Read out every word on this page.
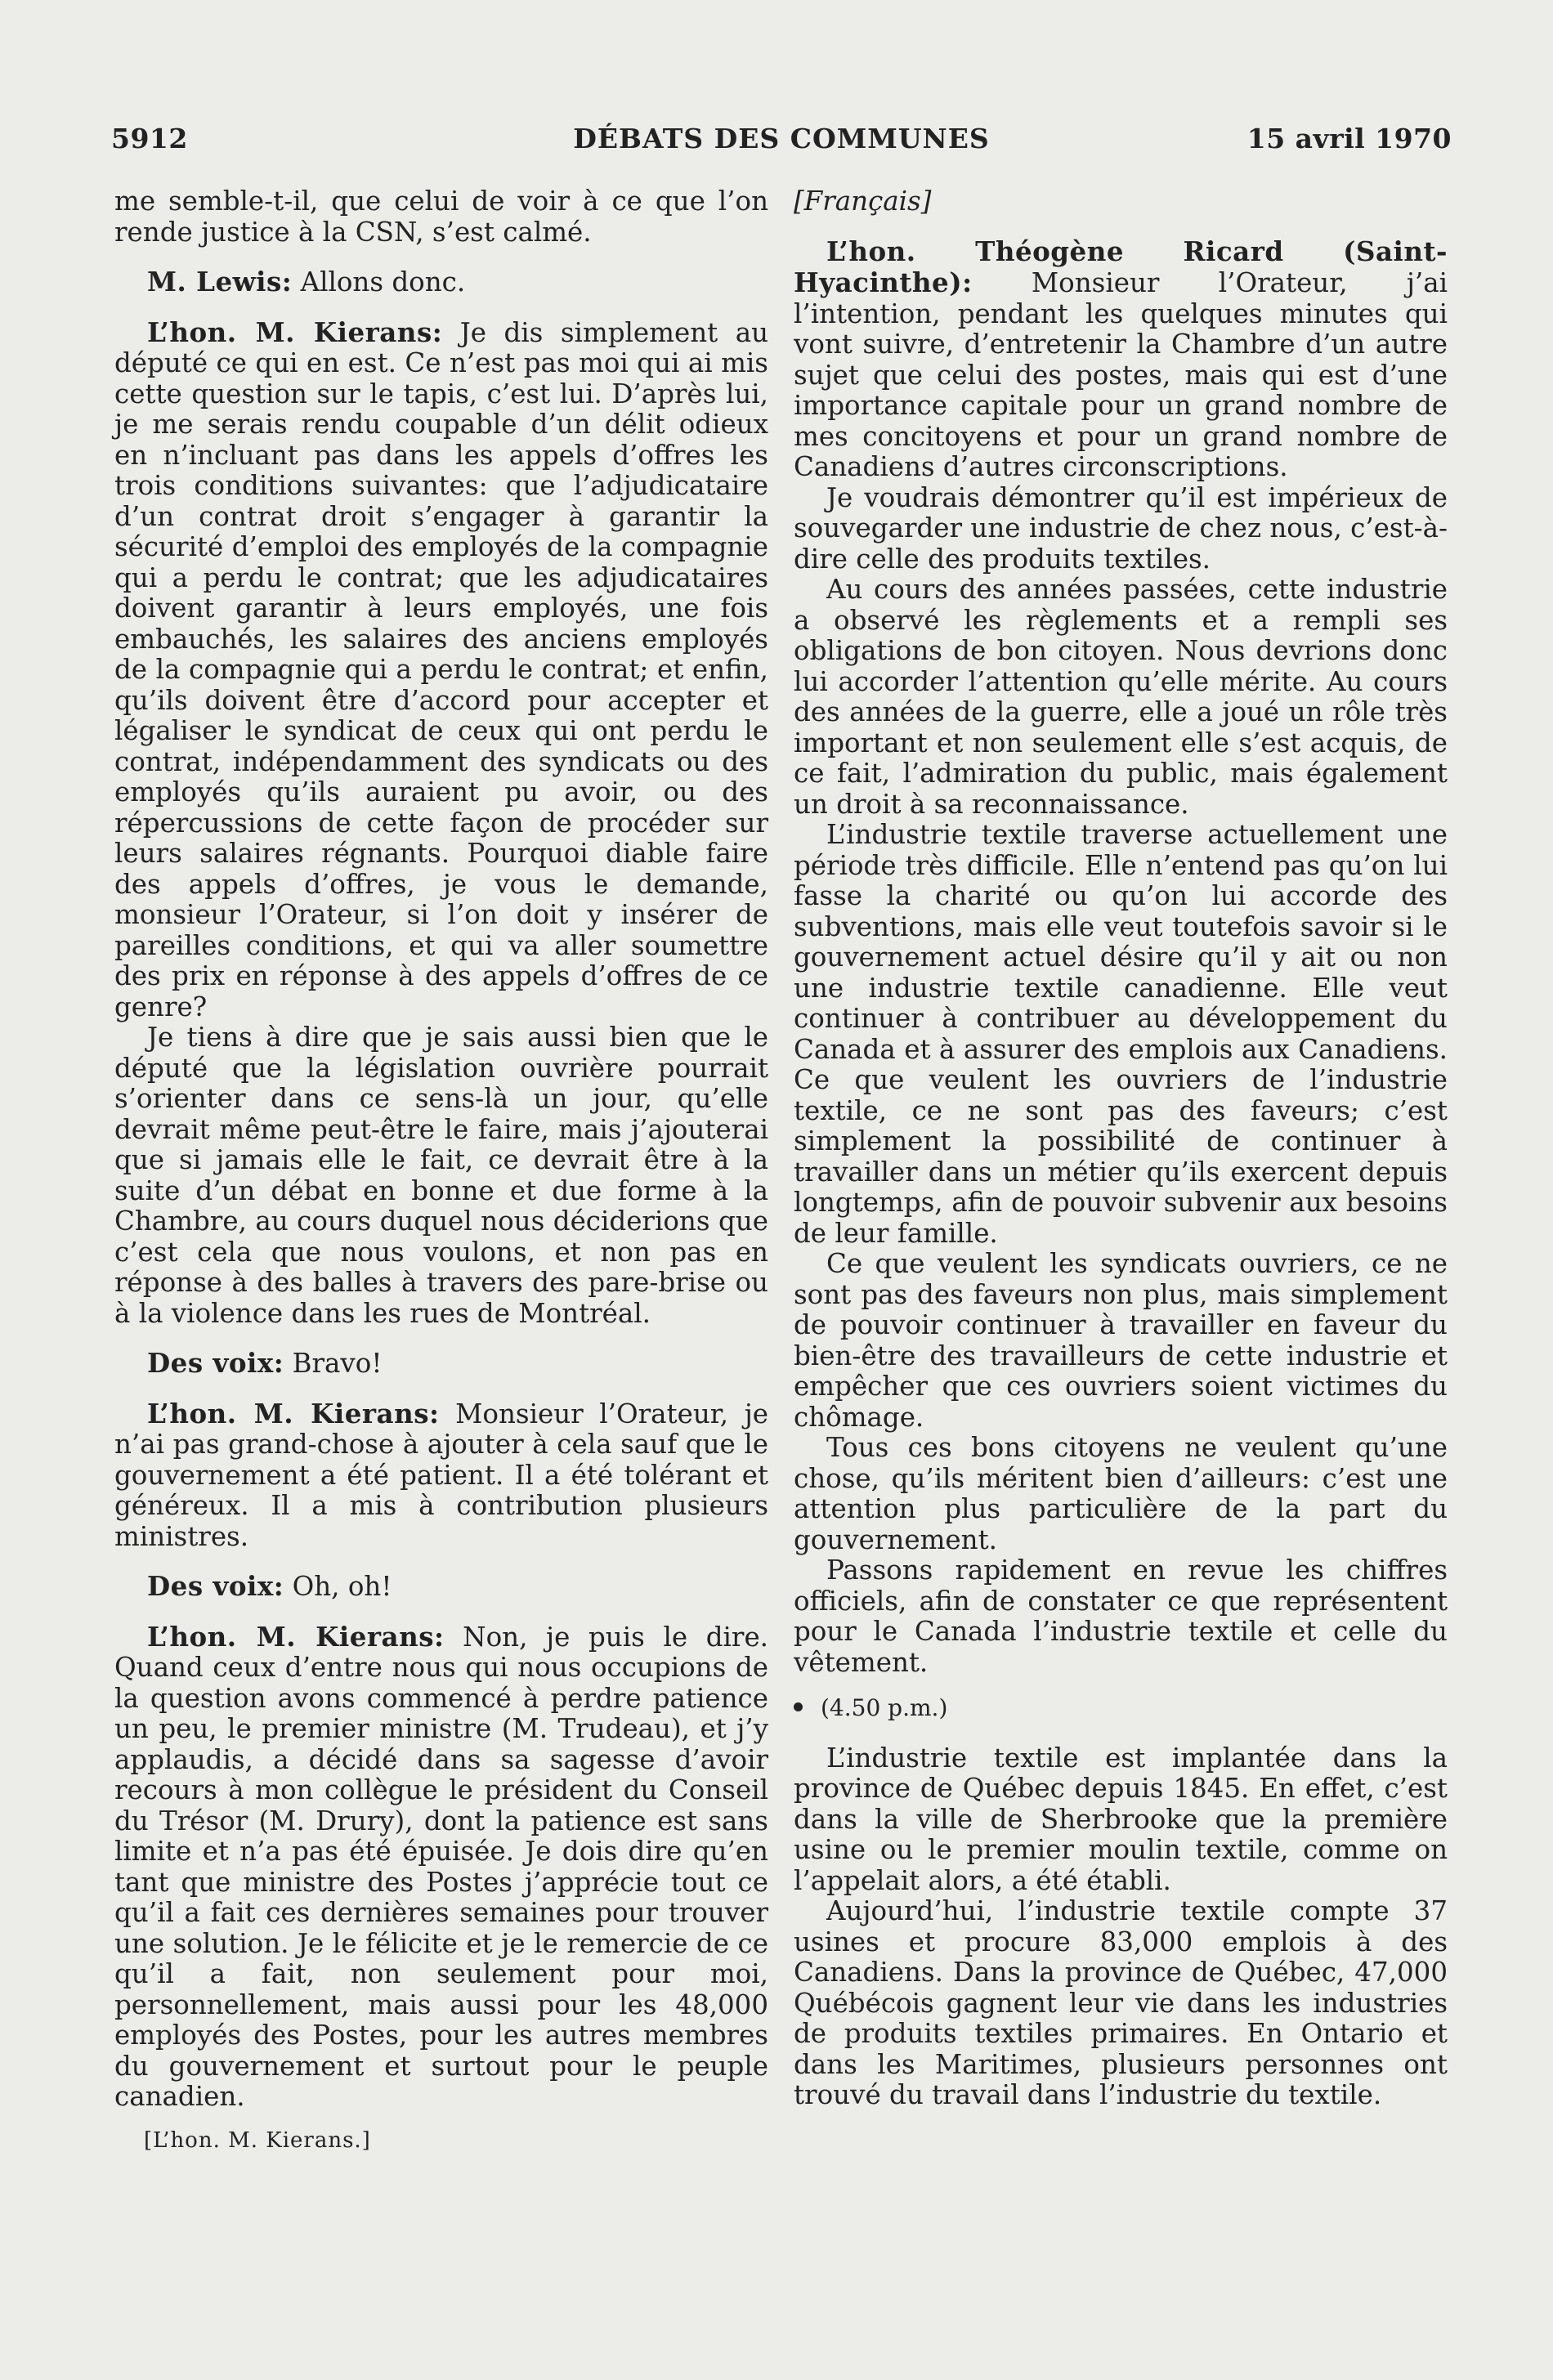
5912	DÉBATS DES COMMUNES	15 avril 1970

me semble-t-il, que celui de voir à ce que l’on rende justice à la CSN, s’est calmé.

M. Lewis: Allons donc.

L’hon. M. Kierans: Je dis simplement au député ce qui en est. Ce n’est pas moi qui ai mis cette question sur le tapis, c’est lui. D’après lui, je me serais rendu coupable d’un délit odieux en n’incluant pas dans les appels d’offres les trois conditions suivantes: que l’adjudicataire d’un contrat droit s’engager à garantir la sécurité d’emploi des employés de la compagnie qui a perdu le contrat; que les adjudicataires doivent garantir à leurs employés, une fois embauchés, les salaires des anciens employés de la compagnie qui a perdu le contrat; et enfin, qu’ils doivent être d’accord pour accepter et légaliser le syndicat de ceux qui ont perdu le contrat, indépendamment des syndicats ou des employés qu’ils auraient pu avoir, ou des répercussions de cette façon de procéder sur leurs salaires régnants. Pourquoi diable faire des appels d’offres, je vous le demande, monsieur l’Orateur, si l’on doit y insérer de pareilles conditions, et qui va aller soumettre des prix en réponse à des appels d’offres de ce genre?

Je tiens à dire que je sais aussi bien que le député que la législation ouvrière pourrait s’orienter dans ce sens-là un jour, qu’elle devrait même peut-être le faire, mais j’ajouterai que si jamais elle le fait, ce devrait être à la suite d’un débat en bonne et due forme à la Chambre, au cours duquel nous déciderions que c’est cela que nous voulons, et non pas en réponse à des balles à travers des pare-brise ou à la violence dans les rues de Montréal.

Des voix: Bravo!

L’hon. M. Kierans: Monsieur l’Orateur, je n’ai pas grand-chose à ajouter à cela sauf que le gouvernement a été patient. Il a été tolérant et généreux. Il a mis à contribution plusieurs ministres.

Des voix: Oh, oh!

L’hon. M. Kierans: Non, je puis le dire. Quand ceux d’entre nous qui nous occupions de la question avons commencé à perdre patience un peu, le premier ministre (M. Trudeau), et j’y applaudis, a décidé dans sa sagesse d’avoir recours à mon collègue le président du Conseil du Trésor (M. Drury), dont la patience est sans limite et n’a pas été épuisée. Je dois dire qu’en tant que ministre des Postes j’apprécie tout ce qu’il a fait ces dernières semaines pour trouver une solution. Je le félicite et je le remercie de ce qu’il a fait, non seulement pour moi, personnellement, mais aussi pour les 48,000 employés des Postes, pour les autres membres du gouvernement et surtout pour le peuple canadien.

[L’hon. M. Kierans.]

[Français]

L’hon. Théogène Ricard (Saint-Hyacinthe): Monsieur l’Orateur, j’ai l’intention, pendant les quelques minutes qui vont suivre, d’entretenir la Chambre d’un autre sujet que celui des postes, mais qui est d’une importance capitale pour un grand nombre de mes concitoyens et pour un grand nombre de Canadiens d’autres circonscriptions.

Je voudrais démontrer qu’il est impérieux de souvegarder une industrie de chez nous, c’est-à-dire celle des produits textiles.

Au cours des années passées, cette industrie a observé les règlements et a rempli ses obligations de bon citoyen. Nous devrions donc lui accorder l’attention qu’elle mérite. Au cours des années de la guerre, elle a joué un rôle très important et non seulement elle s’est acquis, de ce fait, l’admiration du public, mais également un droit à sa reconnaissance.

L’industrie textile traverse actuellement une période très difficile. Elle n’entend pas qu’on lui fasse la charité ou qu’on lui accorde des subventions, mais elle veut toutefois savoir si le gouvernement actuel désire qu’il y ait ou non une industrie textile canadienne. Elle veut continuer à contribuer au développement du Canada et à assurer des emplois aux Canadiens. Ce que veulent les ouvriers de l’industrie textile, ce ne sont pas des faveurs; c’est simplement la possibilité de continuer à travailler dans un métier qu’ils exercent depuis longtemps, afin de pouvoir subvenir aux besoins de leur famille.

Ce que veulent les syndicats ouvriers, ce ne sont pas des faveurs non plus, mais simplement de pouvoir continuer à travailler en faveur du bien-être des travailleurs de cette industrie et empêcher que ces ouvriers soient victimes du chômage.

Tous ces bons citoyens ne veulent qu’une chose, qu’ils méritent bien d’ailleurs: c’est une attention plus particulière de la part du gouvernement.

Passons rapidement en revue les chiffres officiels, afin de constater ce que représentent pour le Canada l’industrie textile et celle du vêtement.

(4.50 p.m.)

L’industrie textile est implantée dans la province de Québec depuis 1845. En effet, c’est dans la ville de Sherbrooke que la première usine ou le premier moulin textile, comme on l’appelait alors, a été établi.

Aujourd’hui, l’industrie textile compte 37 usines et procure 83,000 emplois à des Canadiens. Dans la province de Québec, 47,000 Québécois gagnent leur vie dans les industries de produits textiles primaires. En Ontario et dans les Maritimes, plusieurs personnes ont trouvé du travail dans l’industrie du textile.
